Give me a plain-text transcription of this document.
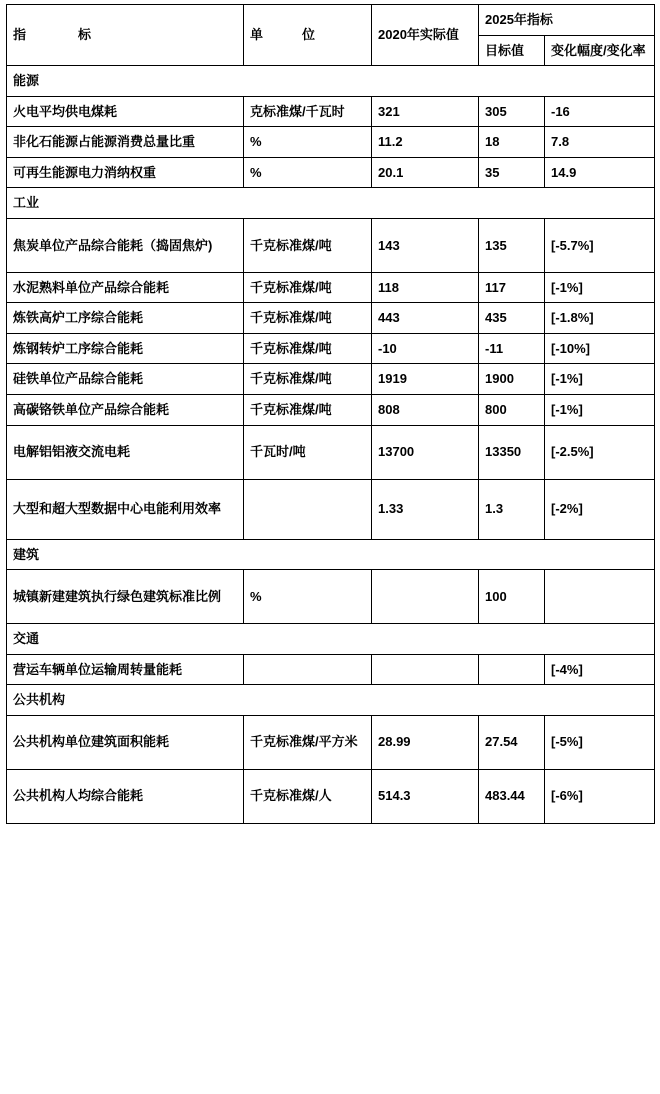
指　　　　标	单　　　位	2020年实际值	2025年指标	
			目标值	变化幅度/变化率
能源				
火电平均供电煤耗	克标准煤/千瓦时	321	305	-16
非化石能源占能源消费总量比重	%	11.2	18	7.8
可再生能源电力消纳权重	%	20.1	35	14.9
工业				
焦炭单位产品综合能耗（捣固焦炉)	千克标准煤/吨	143	135	[-5.7%]
水泥熟料单位产品综合能耗	千克标准煤/吨	118	117	[-1%]
炼铁高炉工序综合能耗	千克标准煤/吨	443	435	[-1.8%]
炼钢转炉工序综合能耗	千克标准煤/吨	-10	-11	[-10%]
硅铁单位产品综合能耗	千克标准煤/吨	1919	1900	[-1%]
高碳铬铁单位产品综合能耗	千克标准煤/吨	808	800	[-1%]
电解铝铝液交流电耗	千瓦时/吨	13700	13350	[-2.5%]
大型和超大型数据中心电能利用效率		1.33	1.3	[-2%]
建筑				
城镇新建建筑执行绿色建筑标准比例	%		100	
交通				
营运车辆单位运输周转量能耗				[-4%]
公共机构				
公共机构单位建筑面积能耗	千克标准煤/平方米	28.99	27.54	[-5%]
公共机构人均综合能耗	千克标准煤/人	514.3	483.44	[-6%]
